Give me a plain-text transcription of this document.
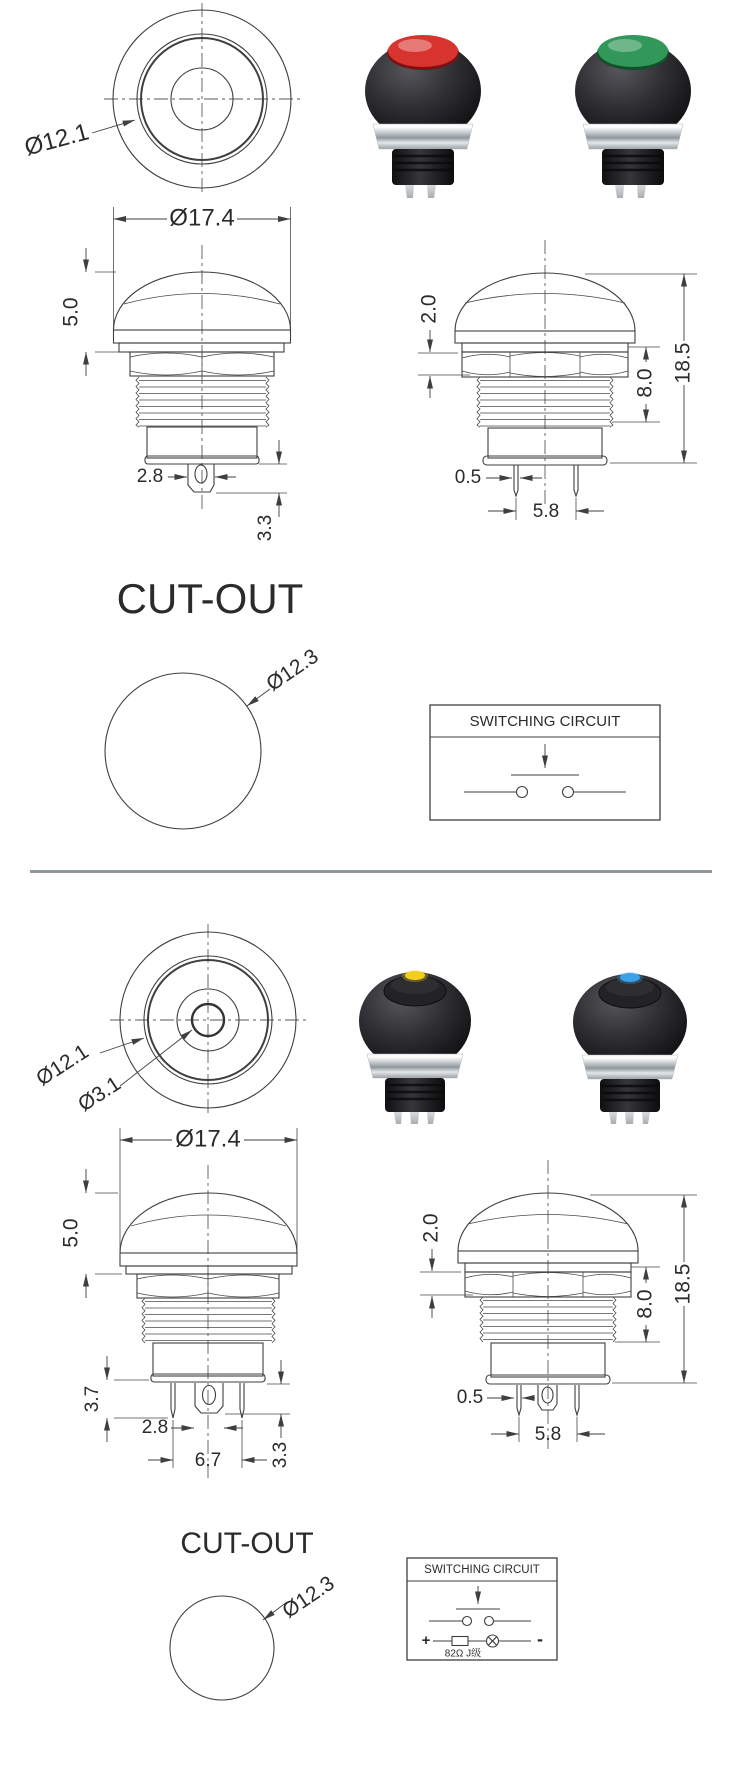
Ø12.1
Ø17.4
5.0
2.8
3.3
2.0
8.0 18.5
0.5
5.8
CUT-OUT
Ø12.3
SWITCHING CIRCUIT
Ø12.1
Ø3.1
Ø17.4
5.0
3.7
2.8
6.7	3.3
2.0
8.0 18.5
0.5
5.8
CUT-OUT
Ø12.3
SWITCHING CIRCUIT
+	-
82Ω J级
